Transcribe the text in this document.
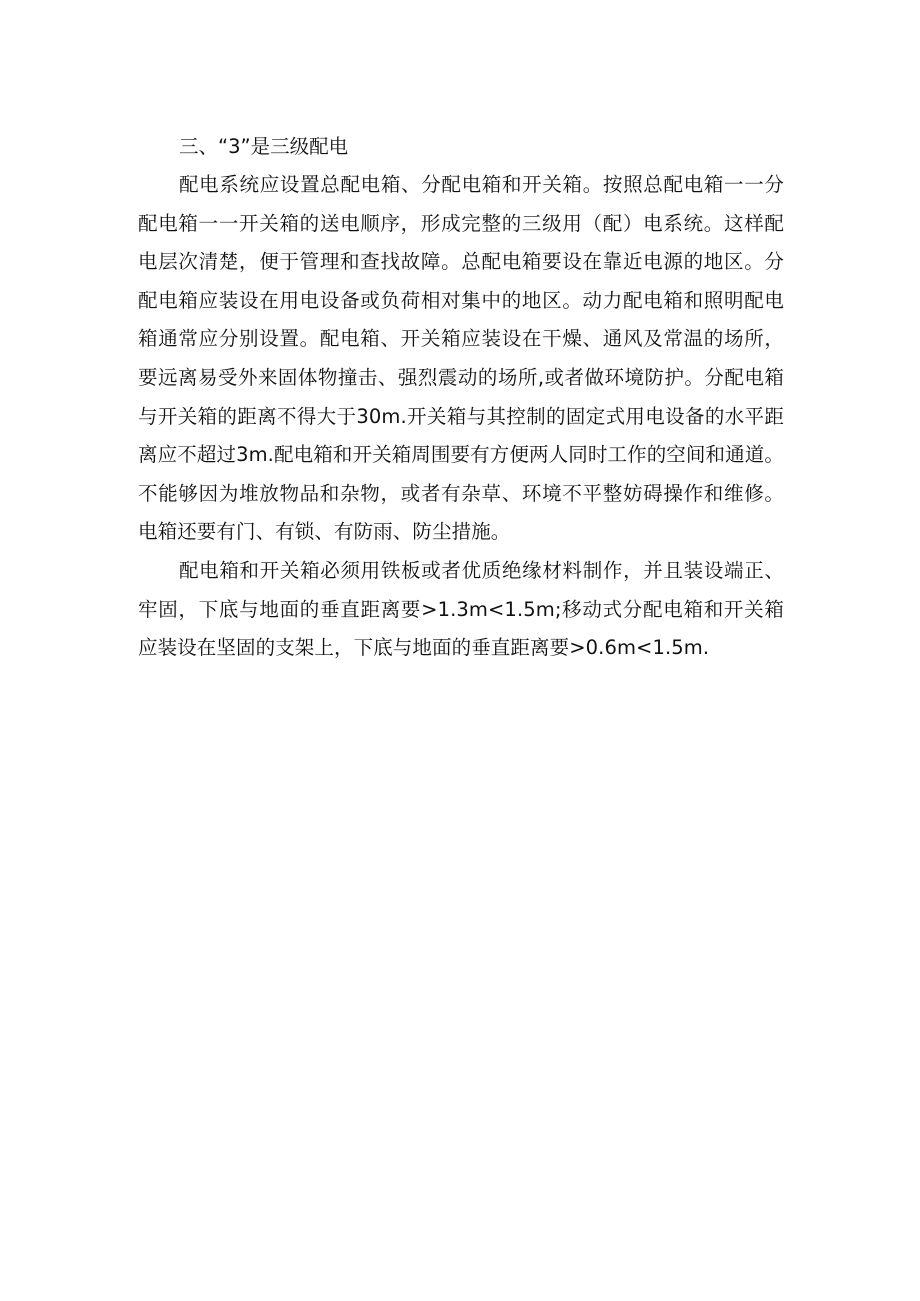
三、“3”是三级配电

配电系统应设置总配电箱、分配电箱和开关箱。按照总配电箱一一分配电箱一一开关箱的送电顺序，形成完整的三级用（配）电系统。这样配电层次清楚，便于管理和查找故障。总配电箱要设在靠近电源的地区。分配电箱应装设在用电设备或负荷相对集中的地区。动力配电箱和照明配电箱通常应分别设置。配电箱、开关箱应装设在干燥、通风及常温的场所，要远离易受外来固体物撞击、强烈震动的场所,或者做环境防护。分配电箱与开关箱的距离不得大于30m.开关箱与其控制的固定式用电设备的水平距离应不超过3m.配电箱和开关箱周围要有方便两人同时工作的空间和通道。不能够因为堆放物品和杂物，或者有杂草、环境不平整妨碍操作和维修。电箱还要有门、有锁、有防雨、防尘措施。

配电箱和开关箱必须用铁板或者优质绝缘材料制作，并且装设端正、牢固，下底与地面的垂直距离要>1.3m<1.5m;移动式分配电箱和开关箱应装设在坚固的支架上，下底与地面的垂直距离要>0.6m<1.5m.
